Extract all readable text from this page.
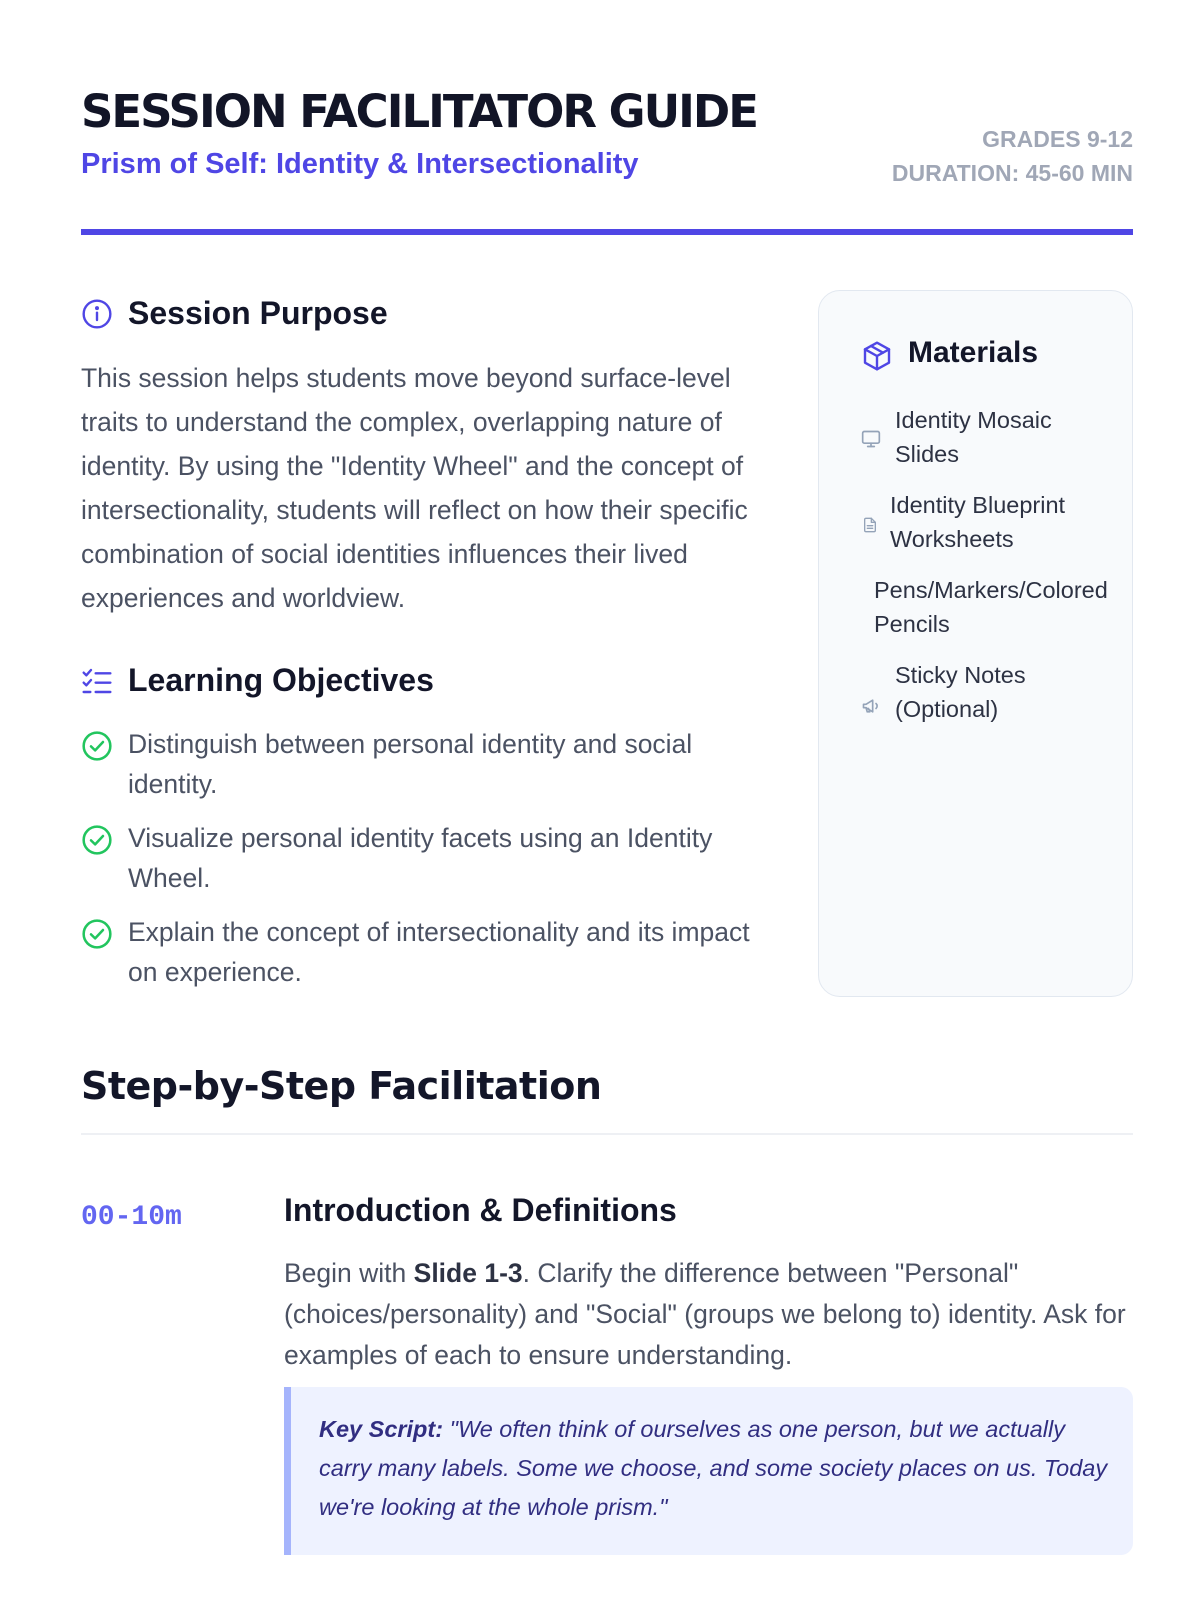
SESSION FACILITATOR GUIDE
Prism of Self: Identity & Intersectionality
GRADES 9-12
DURATION: 45-60 MIN
Session Purpose
This session helps students move beyond surface-level traits to understand the complex, overlapping nature of identity. By using the "Identity Wheel" and the concept of intersectionality, students will reflect on how their specific combination of social identities influences their lived experiences and worldview.
Learning Objectives
Distinguish between personal identity and social identity.
Visualize personal identity facets using an Identity Wheel.
Explain the concept of intersectionality and its impact on experience.
Materials
Identity Mosaic Slides
Identity Blueprint Worksheets
Pens/Markers/Colored Pencils
Sticky Notes (Optional)
Step-by-Step Facilitation
00-10m	Introduction & Definitions
Begin with Slide 1-3. Clarify the difference between "Personal" (choices/personality) and "Social" (groups we belong to) identity. Ask for examples of each to ensure understanding.
Key Script: "We often think of ourselves as one person, but we actually carry many labels. Some we choose, and some society places on us. Today we're looking at the whole prism."
